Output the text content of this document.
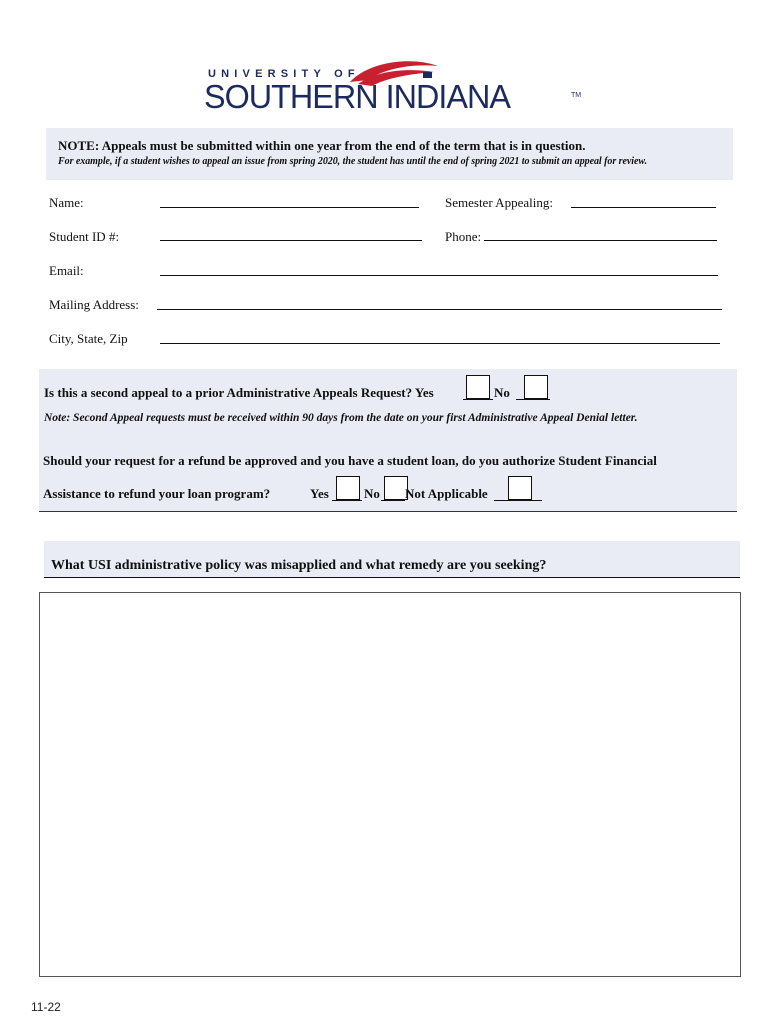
UNIVERSITY OF
SOUTHERN INDIANA	TM
NOTE: Appeals must be submitted within one year from the end of the term that is in question.
For example, if a student wishes to appeal an issue from spring 2020, the student has until the end of spring 2021 to submit an appeal for review.
Name:	Semester Appealing:
Student ID #:	Phone:
Email:
Mailing Address:
City, State, Zip
Is this a second appeal to a prior Administrative Appeals Request? Yes	No
Note: Second Appeal requests must be received within 90 days from the date on your first Administrative Appeal Denial letter.
Should your request for a refund be approved and you have a student loan, do you authorize Student Financial
Assistance to refund your loan program?	Yes	No Not Applicable
What USI administrative policy was misapplied and what remedy are you seeking?
11-22
